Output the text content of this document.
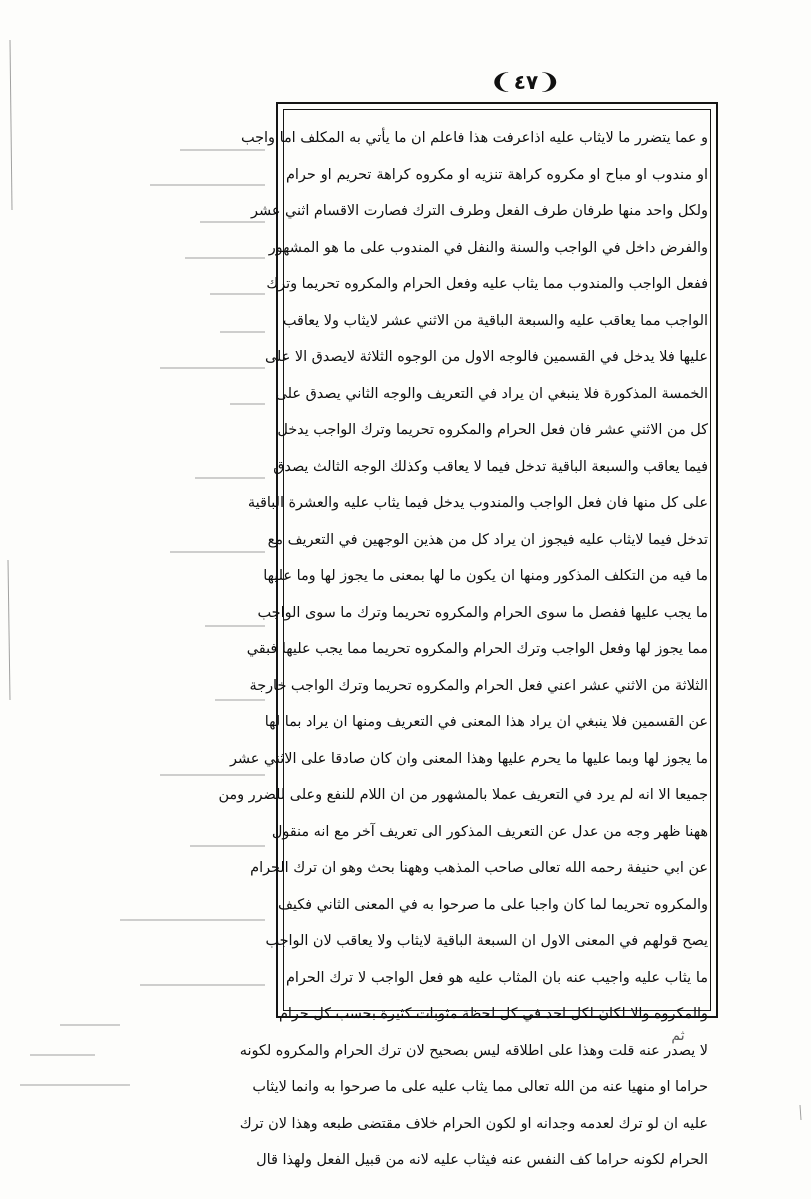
❨
٤٧
❩
و عما يتضرر ما لايثاب عليه اذاعرفت هذا فاعلم ان ما يأتي به المكلف اما واجب
او مندوب او مباح او مكروه كراهة تنزيه او مكروه كراهة تحريم او حرام
ولكل واحد منها طرفان طرف الفعل وطرف الترك فصارت الاقسام اثني عشر
والفرض داخل في الواجب والسنة والنفل في المندوب على ما هو المشهور
ففعل الواجب والمندوب مما يثاب عليه وفعل الحرام والمكروه تحريما وترك
الواجب مما يعاقب عليه والسبعة الباقية من الاثني عشر لايثاب ولا يعاقب
عليها فلا يدخل في القسمين فالوجه الاول من الوجوه الثلاثة لايصدق الا على
الخمسة المذكورة فلا ينبغي ان يراد في التعريف والوجه الثاني يصدق على
كل من الاثني عشر فان فعل الحرام والمكروه تحريما وترك الواجب يدخل
فيما يعاقب والسبعة الباقية تدخل فيما لا يعاقب وكذلك الوجه الثالث يصدق
على كل منها فان فعل الواجب والمندوب يدخل فيما يثاب عليه والعشرة الباقية
تدخل فيما لايثاب عليه فيجوز ان يراد كل من هذين الوجهين في التعريف مع
ما فيه من التكلف المذكور ومنها ان يكون ما لها بمعنى ما يجوز لها وما عليها
ما يجب عليها ففصل ما سوى الحرام والمكروه تحريما وترك ما سوى الواجب
مما يجوز لها وفعل الواجب وترك الحرام والمكروه تحريما مما يجب عليها فبقي
الثلاثة من الاثني عشر اعني فعل الحرام والمكروه تحريما وترك الواجب خارجة
عن القسمين فلا ينبغي ان يراد هذا المعنى في التعريف ومنها ان يراد بما لها
ما يجوز لها وبما عليها ما يحرم عليها وهذا المعنى وان كان صادقا على الاثني عشر
جميعا الا انه لم يرد في التعريف عملا بالمشهور من ان اللام للنفع وعلى للضرر ومن
ههنا ظهر وجه من عدل عن التعريف المذكور الى تعريف آخر مع انه منقول
عن ابي حنيفة رحمه الله تعالى صاحب المذهب وههنا بحث وهو ان ترك الحرام
والمكروه تحريما لما كان واجبا على ما صرحوا به في المعنى الثاني فكيف
يصح قولهم في المعنى الاول ان السبعة الباقية لايثاب ولا يعاقب لان الواجب
ما يثاب عليه واجيب عنه بان المثاب عليه هو فعل الواجب لا ترك الحرام
والمكروه والا لكان لكل احد في كل لحظة مثوبات كثيرة بحسب كل حرام
لا يصدر عنه قلت وهذا على اطلاقه ليس بصحيح لان ترك الحرام والمكروه لكونه
حراما او منهيا عنه من الله تعالى مما يثاب عليه على ما صرحوا به وانما لايثاب
عليه ان لو ترك لعدمه وجدانه او لكون الحرام خلاف مقتضى طبعه وهذا لان ترك
الحرام لكونه حراما كف النفس عنه فيثاب عليه لانه من قبيل الفعل ولهذا قال
ثم
